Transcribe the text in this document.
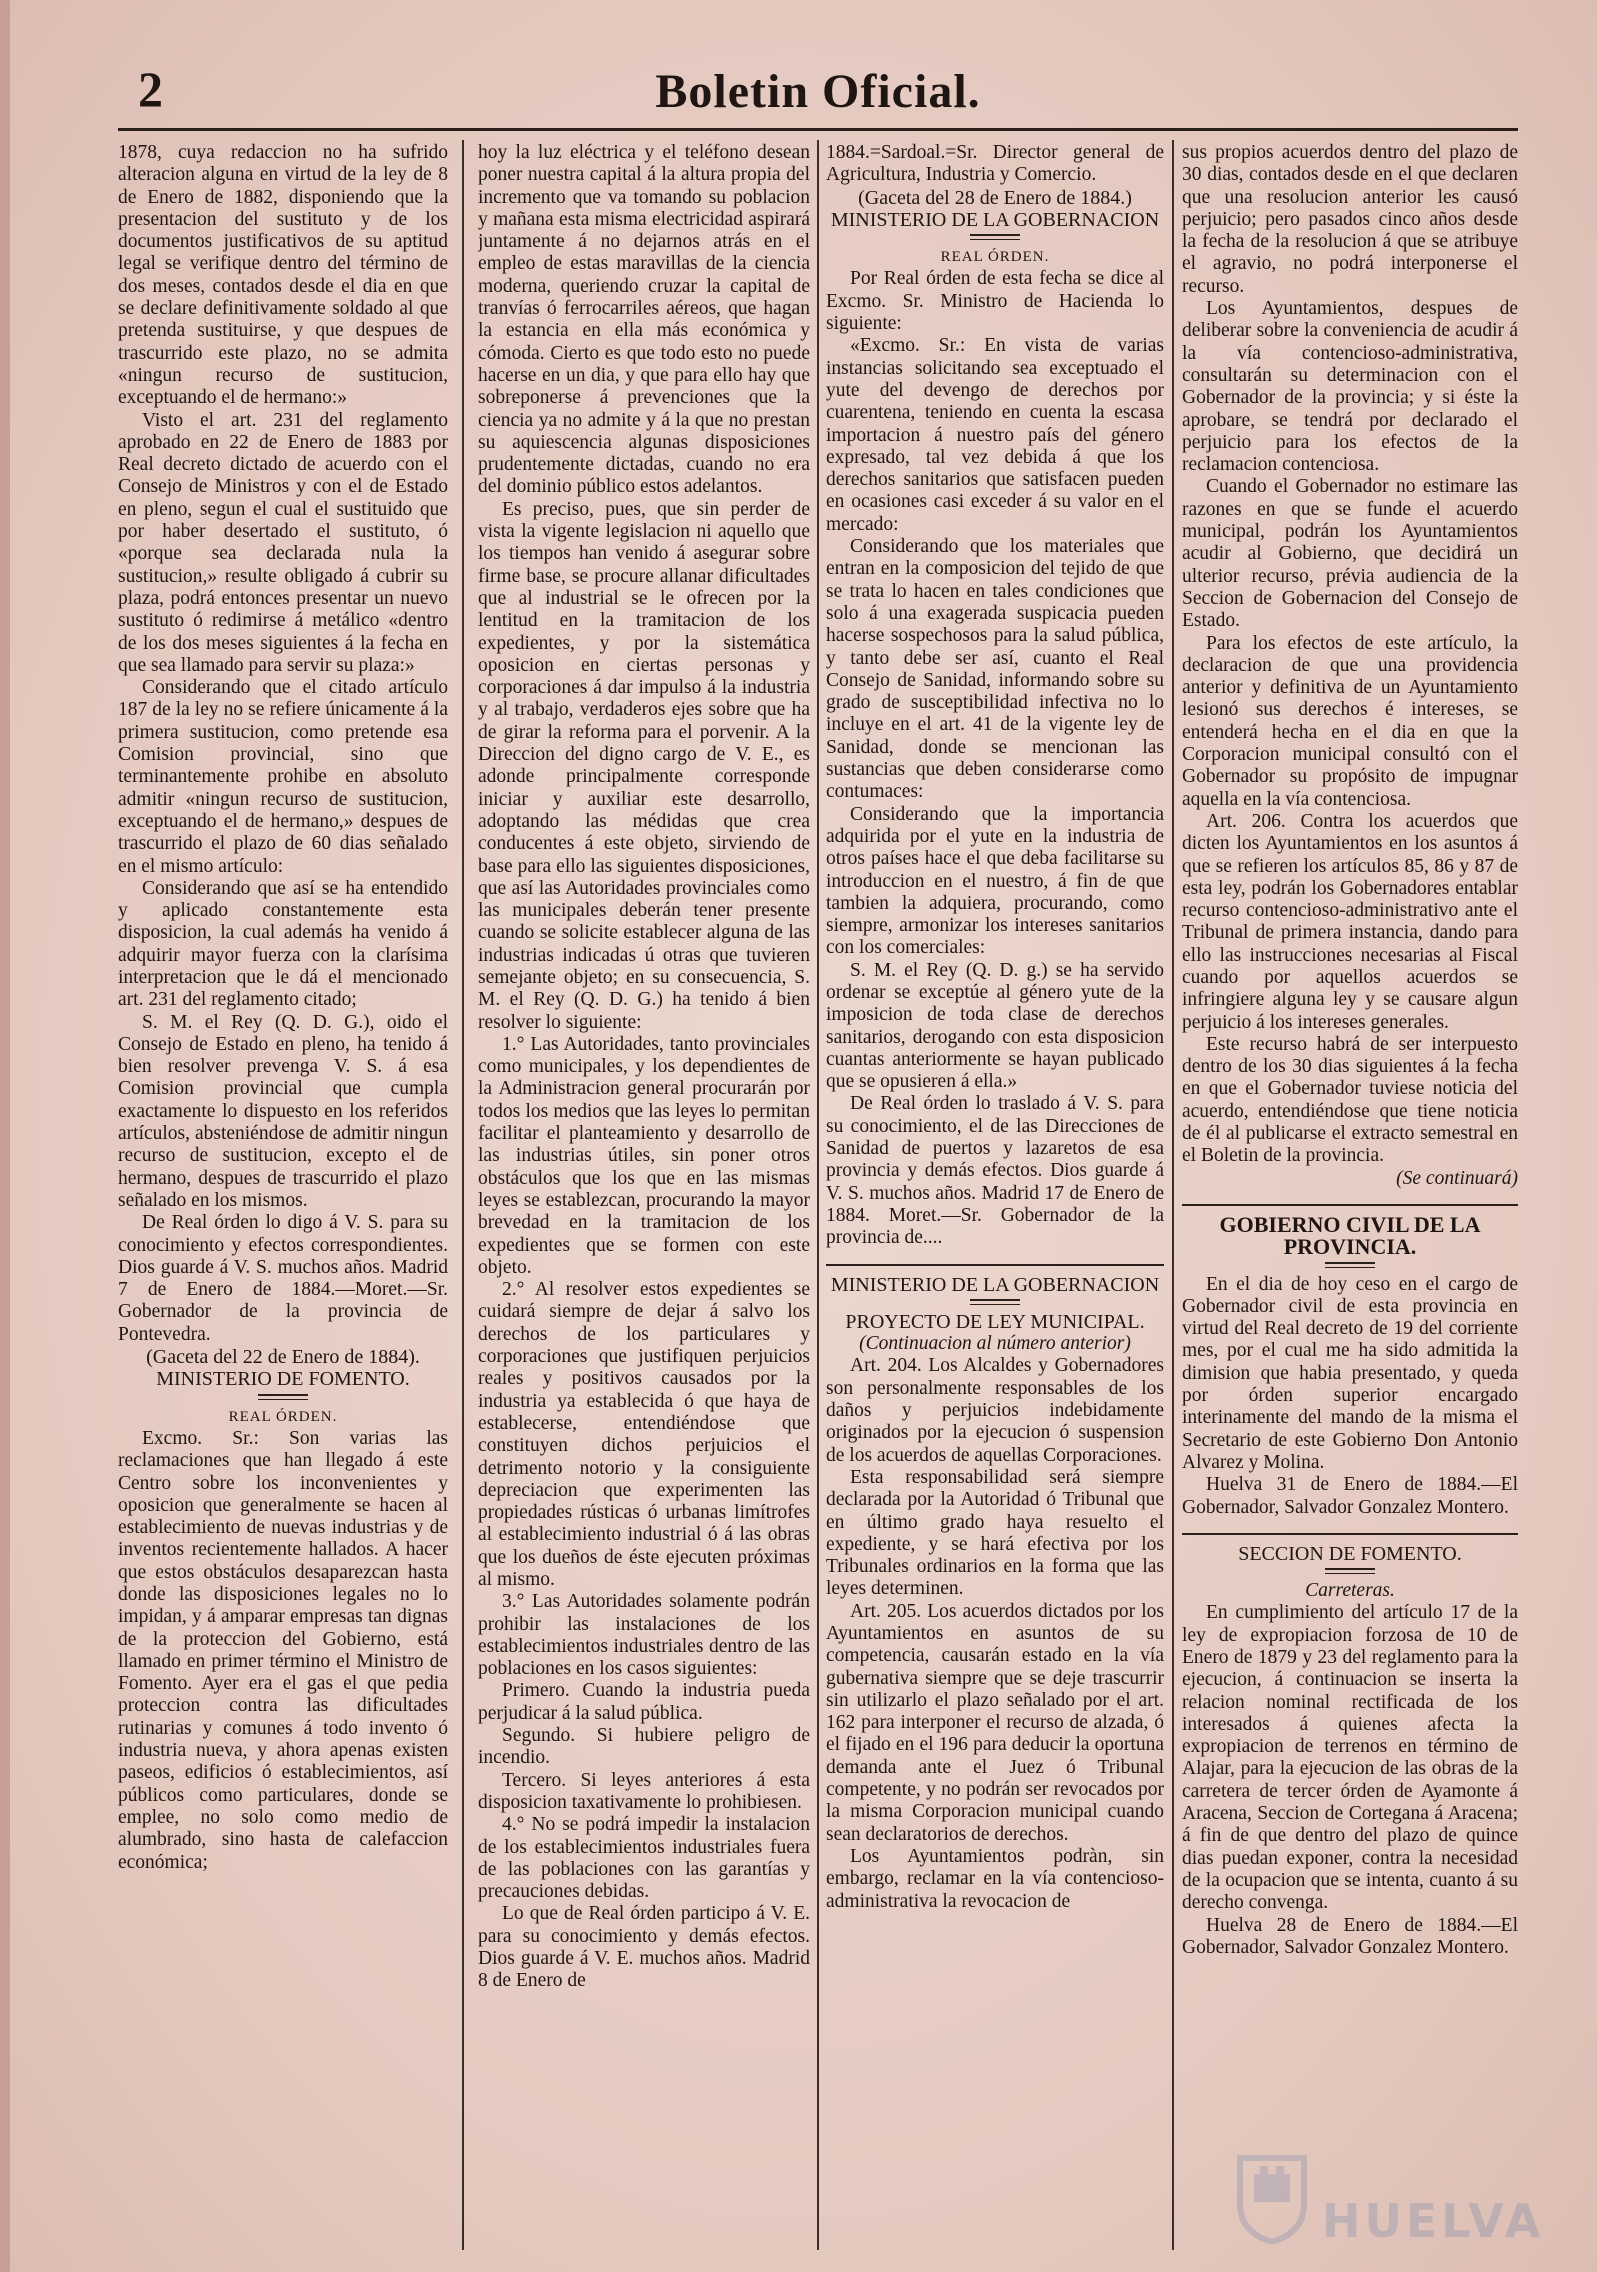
2	Boletin Oficial.

1878, cuya redaccion no ha sufrido alteracion alguna en virtud de la ley de 8 de Enero de 1882, disponiendo que la presentacion del sustituto y de los documentos justificativos de su aptitud legal se verifique dentro del término de dos meses, contados desde el dia en que se declare definitivamente soldado al que pretenda sustituirse, y que despues de trascurrido este plazo, no se admita «ningun recurso de sustitucion, exceptuando el de hermano:»

Visto el art. 231 del reglamento aprobado en 22 de Enero de 1883 por Real decreto dictado de acuerdo con el Consejo de Ministros y con el de Estado en pleno, segun el cual el sustituido que por haber desertado el sustituto, ó «porque sea declarada nula la sustitucion,» resulte obligado á cubrir su plaza, podrá entonces presentar un nuevo sustituto ó redimirse á metálico «dentro de los dos meses siguientes á la fecha en que sea llamado para servir su plaza:»

Considerando que el citado artículo 187 de la ley no se refiere únicamente á la primera sustitucion, como pretende esa Comision provincial, sino que terminantemente prohibe en absoluto admitir «ningun recurso de sustitucion, exceptuando el de hermano,» despues de trascurrido el plazo de 60 dias señalado en el mismo artículo:

Considerando que así se ha entendido y aplicado constantemente esta disposicion, la cual además ha venido á adquirir mayor fuerza con la clarísima interpretacion que le dá el mencionado art. 231 del reglamento citado;

S. M. el Rey (Q. D. G.), oido el Consejo de Estado en pleno, ha tenido á bien resolver prevenga V. S. á esa Comision provincial que cumpla exactamente lo dispuesto en los referidos artículos, absteniéndose de admitir ningun recurso de sustitucion, excepto el de hermano, despues de trascurrido el plazo señalado en los mismos.

De Real órden lo digo á V. S. para su conocimiento y efectos correspondientes. Dios guarde á V. S. muchos años. Madrid 7 de Enero de 1884.—Moret.—Sr. Gobernador de la provincia de Pontevedra.

(Gaceta del 22 de Enero de 1884).

MINISTERIO DE FOMENTO.

REAL ÓRDEN.

Excmo. Sr.: Son varias las reclamaciones que han llegado á este Centro sobre los inconvenientes y oposicion que generalmente se hacen al establecimiento de nuevas industrias y de inventos recientemente hallados. A hacer que estos obstáculos desaparezcan hasta donde las disposiciones legales no lo impidan, y á amparar empresas tan dignas de la proteccion del Gobierno, está llamado en primer término el Ministro de Fomento. Ayer era el gas el que pedia proteccion contra las dificultades rutinarias y comunes á todo invento ó industria nueva, y ahora apenas existen paseos, edificios ó establecimientos, así públicos como particulares, donde se emplee, no solo como medio de alumbrado, sino hasta de calefaccion económica;

hoy la luz eléctrica y el teléfono desean poner nuestra capital á la altura propia del incremento que va tomando su poblacion y mañana esta misma electricidad aspirará juntamente á no dejarnos atrás en el empleo de estas maravillas de la ciencia moderna, queriendo cruzar la capital de tranvías ó ferrocarriles aéreos, que hagan la estancia en ella más económica y cómoda. Cierto es que todo esto no puede hacerse en un dia, y que para ello hay que sobreponerse á prevenciones que la ciencia ya no admite y á la que no prestan su aquiescencia algunas disposiciones prudentemente dictadas, cuando no era del dominio público estos adelantos.

Es preciso, pues, que sin perder de vista la vigente legislacion ni aquello que los tiempos han venido á asegurar sobre firme base, se procure allanar dificultades que al industrial se le ofrecen por la lentitud en la tramitacion de los expedientes, y por la sistemática oposicion en ciertas personas y corporaciones á dar impulso á la industria y al trabajo, verdaderos ejes sobre que ha de girar la reforma para el porvenir. A la Direccion del digno cargo de V. E., es adonde principalmente corresponde iniciar y auxiliar este desarrollo, adoptando las médidas que crea conducentes á este objeto, sirviendo de base para ello las siguientes disposiciones, que así las Autoridades provinciales como las municipales deberán tener presente cuando se solicite establecer alguna de las industrias indicadas ú otras que tuvieren semejante objeto; en su consecuencia, S. M. el Rey (Q. D. G.) ha tenido á bien resolver lo siguiente:

1.° Las Autoridades, tanto provinciales como municipales, y los dependientes de la Administracion general procurarán por todos los medios que las leyes lo permitan facilitar el planteamiento y desarrollo de las industrias útiles, sin poner otros obstáculos que los que en las mismas leyes se establezcan, procurando la mayor brevedad en la tramitacion de los expedientes que se formen con este objeto.

2.° Al resolver estos expedientes se cuidará siempre de dejar á salvo los derechos de los particulares y corporaciones que justifiquen perjuicios reales y positivos causados por la industria ya establecida ó que haya de establecerse, entendiéndose que constituyen dichos perjuicios el detrimento notorio y la consiguiente depreciacion que experimenten las propiedades rústicas ó urbanas limítrofes al establecimiento industrial ó á las obras que los dueños de éste ejecuten próximas al mismo.

3.° Las Autoridades solamente podrán prohibir las instalaciones de los establecimientos industriales dentro de las poblaciones en los casos siguientes:

Primero. Cuando la industria pueda perjudicar á la salud pública.

Segundo. Si hubiere peligro de incendio.

Tercero. Si leyes anteriores á esta disposicion taxativamente lo prohibiesen.

4.° No se podrá impedir la instalacion de los establecimientos industriales fuera de las poblaciones con las garantías y precauciones debidas.

Lo que de Real órden participo á V. E. para su conocimiento y demás efectos. Dios guarde á V. E. muchos años. Madrid 8 de Enero de

1884.=Sardoal.=Sr. Director general de Agricultura, Industria y Comercio.

(Gaceta del 28 de Enero de 1884.)

MINISTERIO DE LA GOBERNACION

REAL ÓRDEN.

Por Real órden de esta fecha se dice al Excmo. Sr. Ministro de Hacienda lo siguiente:

«Excmo. Sr.: En vista de varias instancias solicitando sea exceptuado el yute del devengo de derechos por cuarentena, teniendo en cuenta la escasa importacion á nuestro país del género expresado, tal vez debida á que los derechos sanitarios que satisfacen pueden en ocasiones casi exceder á su valor en el mercado:

Considerando que los materiales que entran en la composicion del tejido de que se trata lo hacen en tales condiciones que solo á una exagerada suspicacia pueden hacerse sospechosos para la salud pública, y tanto debe ser así, cuanto el Real Consejo de Sanidad, informando sobre su grado de susceptibilidad infectiva no lo incluye en el art. 41 de la vigente ley de Sanidad, donde se mencionan las sustancias que deben considerarse como contumaces:

Considerando que la importancia adquirida por el yute en la industria de otros países hace el que deba facilitarse su introduccion en el nuestro, á fin de que tambien la adquiera, procurando, como siempre, armonizar los intereses sanitarios con los comerciales:

S. M. el Rey (Q. D. g.) se ha servido ordenar se exceptúe al género yute de la imposicion de toda clase de derechos sanitarios, derogando con esta disposicion cuantas anteriormente se hayan publicado que se opusieren á ella.»

De Real órden lo traslado á V. S. para su conocimiento, el de las Direcciones de Sanidad de puertos y lazaretos de esa provincia y demás efectos. Dios guarde á V. S. muchos años. Madrid 17 de Enero de 1884. Moret.—Sr. Gobernador de la provincia de....

MINISTERIO DE LA GOBERNACION

PROYECTO DE LEY MUNICIPAL.

(Continuacion al número anterior)

Art. 204. Los Alcaldes y Gobernadores son personalmente responsables de los daños y perjuicios indebidamente originados por la ejecucion ó suspension de los acuerdos de aquellas Corporaciones.

Esta responsabilidad será siempre declarada por la Autoridad ó Tribunal que en último grado haya resuelto el expediente, y se hará efectiva por los Tribunales ordinarios en la forma que las leyes determinen.

Art. 205. Los acuerdos dictados por los Ayuntamientos en asuntos de su competencia, causarán estado en la vía gubernativa siempre que se deje trascurrir sin utilizarlo el plazo señalado por el art. 162 para interponer el recurso de alzada, ó el fijado en el 196 para deducir la oportuna demanda ante el Juez ó Tribunal competente, y no podrán ser revocados por la misma Corporacion municipal cuando sean declaratorios de derechos.

Los Ayuntamientos podràn, sin embargo, reclamar en la vía contencioso-administrativa la revocacion de

sus propios acuerdos dentro del plazo de 30 dias, contados desde en el que declaren que una resolucion anterior les causó perjuicio; pero pasados cinco años desde la fecha de la resolucion á que se atribuye el agravio, no podrá interponerse el recurso.

Los Ayuntamientos, despues de deliberar sobre la conveniencia de acudir á la vía contencioso-administrativa, consultarán su determinacion con el Gobernador de la provincia; y si éste la aprobare, se tendrá por declarado el perjuicio para los efectos de la reclamacion contenciosa.

Cuando el Gobernador no estimare las razones en que se funde el acuerdo municipal, podrán los Ayuntamientos acudir al Gobierno, que decidirá un ulterior recurso, prévia audiencia de la Seccion de Gobernacion del Consejo de Estado.

Para los efectos de este artículo, la declaracion de que una providencia anterior y definitiva de un Ayuntamiento lesionó sus derechos é intereses, se entenderá hecha en el dia en que la Corporacion municipal consultó con el Gobernador su propósito de impugnar aquella en la vía contenciosa.

Art. 206. Contra los acuerdos que dicten los Ayuntamientos en los asuntos á que se refieren los artículos 85, 86 y 87 de esta ley, podrán los Gobernadores entablar recurso contencioso-administrativo ante el Tribunal de primera instancia, dando para ello las instrucciones necesarias al Fiscal cuando por aquellos acuerdos se infringiere alguna ley y se causare algun perjuicio á los intereses generales.

Este recurso habrá de ser interpuesto dentro de los 30 dias siguientes á la fecha en que el Gobernador tuviese noticia del acuerdo, entendiéndose que tiene noticia de él al publicarse el extracto semestral en el Boletin de la provincia.

(Se continuará)

GOBIERNO CIVIL DE LA PROVINCIA.

En el dia de hoy ceso en el cargo de Gobernador civil de esta provincia en virtud del Real decreto de 19 del corriente mes, por el cual me ha sido admitida la dimision que habia presentado, y queda por órden superior encargado interinamente del mando de la misma el Secretario de este Gobierno Don Antonio Alvarez y Molina.

Huelva 31 de Enero de 1884.—El Gobernador, Salvador Gonzalez Montero.

SECCION DE FOMENTO.

Carreteras.

En cumplimiento del artículo 17 de la ley de expropiacion forzosa de 10 de Enero de 1879 y 23 del reglamento para la ejecucion, á continuacion se inserta la relacion nominal rectificada de los interesados á quienes afecta la expropiacion de terrenos en término de Alajar, para la ejecucion de las obras de la carretera de tercer órden de Ayamonte á Aracena, Seccion de Cortegana á Aracena; á fin de que dentro del plazo de quince dias puedan exponer, contra la necesidad de la ocupacion que se intenta, cuanto á su derecho convenga.

Huelva 28 de Enero de 1884.—El Gobernador, Salvador Gonzalez Montero.

HUELVA
